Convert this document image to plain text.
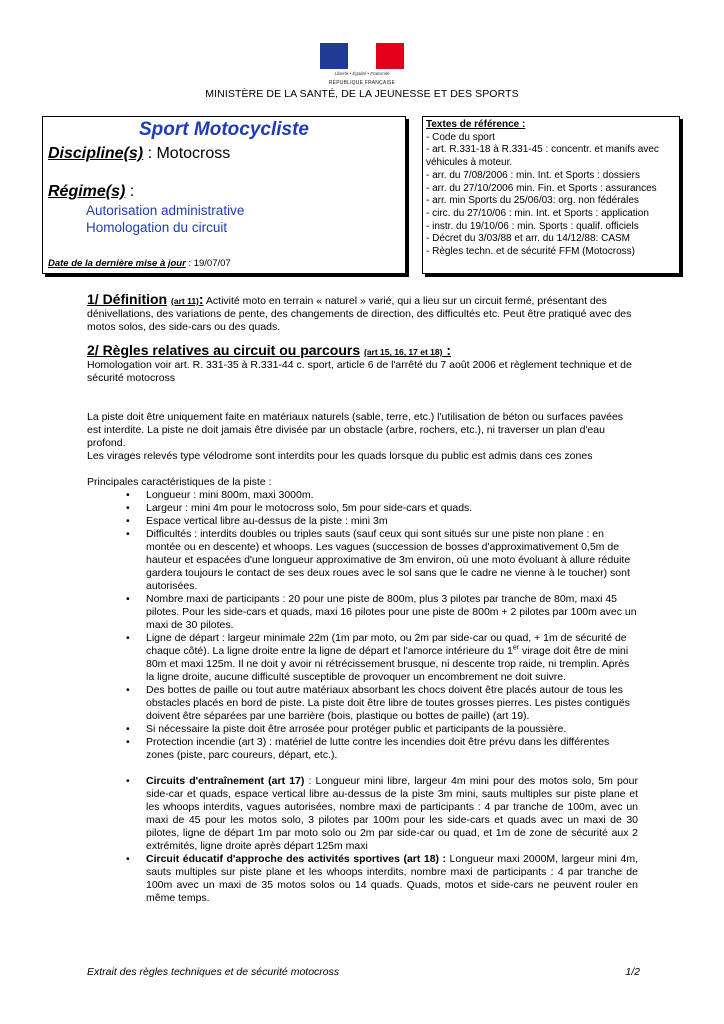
Liberté • Égalité • Fraternité
RÉPUBLIQUE FRANÇAISE
MINISTÈRE DE LA SANTÉ, DE LA JEUNESSE ET DES SPORTS
Sport Motocycliste
Discipline(s) : Motocross
Régime(s) :
Autorisation administrative
Homologation du circuit
Date de la dernière mise à jour : 19/07/07
Textes de référence :
- Code du sport
- art. R.331-18 à R.331-45 : concentr. et manifs avec véhicules à moteur.
- arr. du 7/08/2006 : min. Int. et Sports : dossiers
- arr. du 27/10/2006 min. Fin. et Sports : assurances
- arr. min Sports du 25/06/03: org. non fédérales
- circ. du 27/10/06 : min. Int. et Sports : application
- instr. du 19/10/06 : min. Sports : qualif. officiels
- Décret du 3/03/88 et arr. du 14/12/88: CASM
- Règles techn. et de sécurité FFM (Motocross)

1/ Définition (art 11): Activité moto en terrain « naturel » varié, qui a lieu sur un circuit fermé, présentant des dénivellations, des variations de pente, des changements de direction, des difficultés etc. Peut être pratiqué avec des motos solos, des side-cars ou des quads.

2/ Règles relatives au circuit ou parcours (art 15, 16, 17 et 18) :

Homologation voir art. R. 331-35 à R.331-44 c. sport, article 6 de l'arrêté du 7 août 2006 et règlement technique et de sécurité motocross

La piste doit être uniquement faite en matériaux naturels (sable, terre, etc.) l'utilisation de béton ou surfaces pavées est interdite. La piste ne doit jamais être divisée par un obstacle (arbre, rochers, etc.), ni traverser un plan d'eau profond.

Les virages relevés type vélodrome sont interdits pour les quads lorsque du public est admis dans ces zones

Principales caractéristiques de la piste :

• Longueur : mini 800m, maxi 3000m.
• Largeur : mini 4m pour le motocross solo, 5m pour side-cars et quads.
• Espace vertical libre au-dessus de la piste : mini 3m
• Difficultés : interdits doubles ou triples sauts (sauf ceux qui sont situés sur une piste non plane : en montée ou en descente) et whoops. Les vagues (succession de bosses d'approximativement 0,5m de hauteur et espacées d'une longueur approximative de 3m environ, où une moto évoluant à allure réduite gardera toujours le contact de ses deux roues avec le sol sans que le cadre ne vienne à le toucher) sont autorisées.
• Nombre maxi de participants : 20 pour une piste de 800m, plus 3 pilotes par tranche de 80m, maxi 45 pilotes. Pour les side-cars et quads, maxi 16 pilotes pour une piste de 800m + 2 pilotes par 100m avec un maxi de 30 pilotes.
• Ligne de départ : largeur minimale 22m (1m par moto, ou 2m par side-car ou quad, + 1m de sécurité de chaque côté). La ligne droite entre la ligne de départ et l'amorce intérieure du 1er virage doit être de mini 80m et maxi 125m. Il ne doit y avoir ni rétrécissement brusque, ni descente trop raide, ni tremplin. Après la ligne droite, aucune difficulté susceptible de provoquer un encombrement ne doit suivre.
• Des bottes de paille ou tout autre matériaux absorbant les chocs doivent être placés autour de tous les obstacles placés en bord de piste. La piste doit être libre de toutes grosses pierres. Les pistes contiguës doivent être séparées par une barrière (bois, plastique ou bottes de paille) (art 19).
• Si nécessaire la piste doit être arrosée pour protéger public et participants de la poussière.
• Protection incendie (art 3) : matériel de lutte contre les incendies doit être prévu dans les différentes zones (piste, parc coureurs, départ, etc.).
• Circuits d'entraînement (art 17) : Longueur mini libre, largeur 4m mini pour des motos solo, 5m pour side-car et quads, espace vertical libre au-dessus de la piste 3m mini, sauts multiples sur piste plane et les whoops interdits, vagues autorisées, nombre maxi de participants : 4 par tranche de 100m, avec un maxi de 45 pour les motos solo, 3 pilotes par 100m pour les side-cars et quads avec un maxi de 30 pilotes, ligne de départ 1m par moto solo ou 2m par side-car ou quad, et 1m de zone de sécurité aux 2 extrémités, ligne droite après départ 125m maxi
• Circuit éducatif d'approche des activités sportives (art 18) : Longueur maxi 2000M, largeur mini 4m, sauts multiples sur piste plane et les whoops interdits, nombre maxi de participants : 4 par tranche de 100m avec un maxi de 35 motos solos ou 14 quads. Quads, motos et side-cars ne peuvent rouler en même temps.
Extrait des règles techniques et de sécurité motocross	1/2
